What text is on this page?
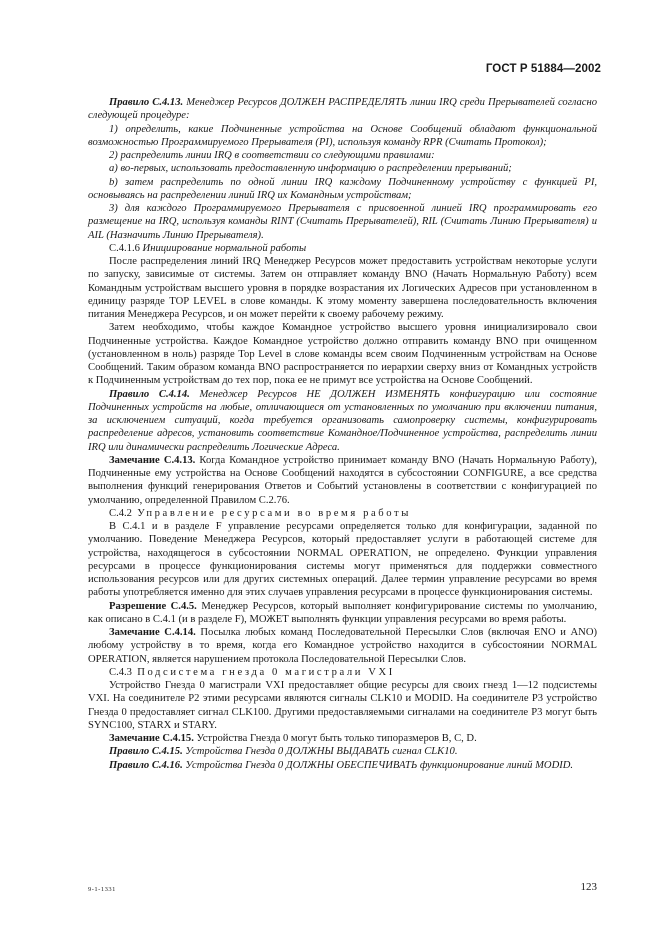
ГОСТ Р 51884—2002

Правило С.4.13. Менеджер Ресурсов ДОЛЖЕН РАСПРЕДЕЛЯТЬ линии IRQ среди Прерывателей согласно следующей процедуре:

1) определить, какие Подчиненные устройства на Основе Сообщений обладают функциональной возможностью Программируемого Прерывателя (PI), используя команду RPR (Считать Протокол);

2) распределить линии IRQ в соответствии со следующими правилами:

а) во-первых, использовать предоставленную информацию о распределении прерываний;

b) затем распределить по одной линии IRQ каждому Подчиненному устройству с функцией PI, основываясь на распределении линий IRQ их Командным устройствам;

3) для каждого Программируемого Прерывателя с присвоенной линией IRQ программировать его размещение на IRQ, используя команды RINT (Считать Прерывателей), RIL (Считать Линию Прерывателя) и AIL (Назначить Линию Прерывателя).

С.4.1.6 Инициирование нормальной работы

После распределения линий IRQ Менеджер Ресурсов может предоставить устройствам некоторые услуги по запуску, зависимые от системы. Затем он отправляет команду BNO (Начать Нормальную Работу) всем Командным устройствам высшего уровня в порядке возрастания их Логических Адресов при установленном в единицу разряде TOP LEVEL в слове команды. К этому моменту завершена последовательность включения питания Менеджера Ресурсов, и он может перейти к своему рабочему режиму.

Затем необходимо, чтобы каждое Командное устройство высшего уровня инициализировало свои Подчиненные устройства. Каждое Командное устройство должно отправить команду BNO при очищенном (установленном в ноль) разряде Top Level в слове команды всем своим Подчиненным устройствам на Основе Сообщений. Таким образом команда BNO распространяется по иерархии сверху вниз от Командных устройств к Подчиненным устройствам до тех пор, пока ее не примут все устройства на Основе Сообщений.

Правило С.4.14. Менеджер Ресурсов НЕ ДОЛЖЕН ИЗМЕНЯТЬ конфигурацию или состояние Подчиненных устройств на любые, отличающиеся от установленных по умолчанию при включении питания, за исключением ситуаций, когда требуется организовать самопроверку системы, конфигурировать распределение адресов, установить соответствие Командное/Подчиненное устройства, распределить линии IRQ или динамически распределить Логические Адреса.

Замечание С.4.13. Когда Командное устройство принимает команду BNO (Начать Нормальную Работу), Подчиненные ему устройства на Основе Сообщений находятся в субсостоянии CONFIGURE, а все средства выполнения функций генерирования Ответов и Событий установлены в соответствии с конфигурацией по умолчанию, определенной Правилом С.2.76.

С.4.2 Управление ресурсами во время работы

В С.4.1 и в разделе F управление ресурсами определяется только для конфигурации, заданной по умолчанию. Поведение Менеджера Ресурсов, который предоставляет услуги в работающей системе для устройства, находящегося в субсостоянии NORMAL OPERATION, не определено. Функции управления ресурсами в процессе функционирования системы могут применяться для поддержки совместного использования ресурсов или для других системных операций. Далее термин управление ресурсами во время работы употребляется именно для этих случаев управления ресурсами в процессе функционирования системы.

Разрешение С.4.5. Менеджер Ресурсов, который выполняет конфигурирование системы по умолчанию, как описано в С.4.1 (и в разделе F), МОЖЕТ выполнять функции управления ресурсами во время работы.

Замечание С.4.14. Посылка любых команд Последовательной Пересылки Слов (включая ENO и ANO) любому устройству в то время, когда его Командное устройство находится в субсостоянии NORMAL OPERATION, является нарушением протокола Последовательной Пересылки Слов.

С.4.3 Подсистема гнезда 0 магистрали VXI

Устройство Гнезда 0 магистрали VXI предоставляет общие ресурсы для своих гнезд 1—12 подсистемы VXI. На соединителе Р2 этими ресурсами являются сигналы CLK10 и MODID. На соединителе Р3 устройство Гнезда 0 предоставляет сигнал CLK100. Другими предоставляемыми сигналами на соединителе Р3 могут быть SYNC100, STARX и STARY.

Замечание С.4.15. Устройства Гнезда 0 могут быть только типоразмеров В, С, D.

Правило С.4.15. Устройства Гнезда 0 ДОЛЖНЫ ВЫДАВАТЬ сигнал CLK10.

Правило С.4.16. Устройства Гнезда 0 ДОЛЖНЫ ОБЕСПЕЧИВАТЬ функционирование линий MODID.

9-1-1331	123
